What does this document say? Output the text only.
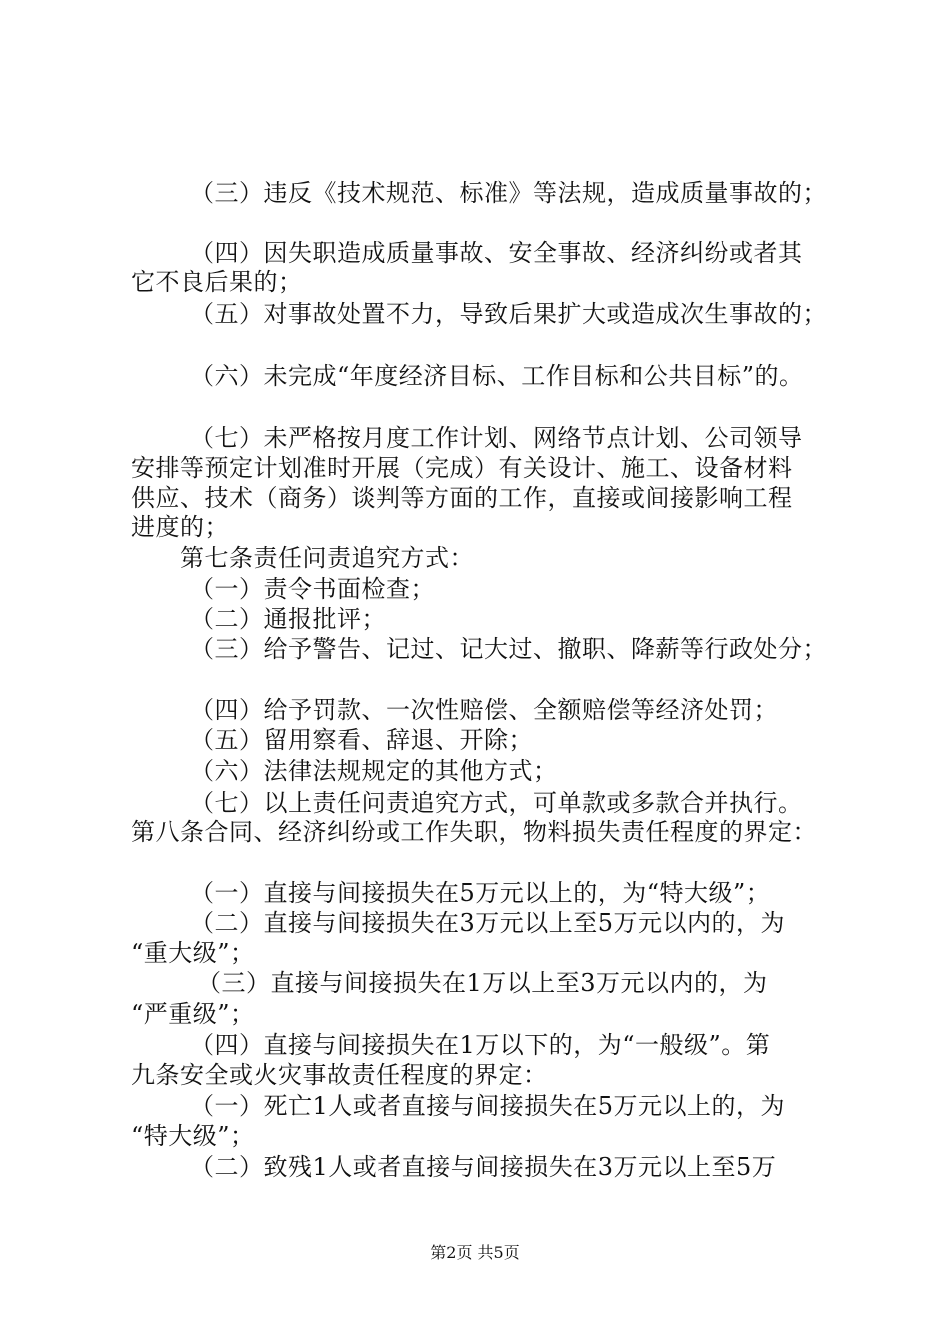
（三）违反《技术规范、标准》等法规，造成质量事故的；
（四）因失职造成质量事故、安全事故、经济纠纷或者其
它不良后果的；
（五）对事故处置不力，导致后果扩大或造成次生事故的；
（六）未完成“年度经济目标、工作目标和公共目标”的。
（七）未严格按月度工作计划、网络节点计划、公司领导
安排等预定计划准时开展（完成）有关设计、施工、设备材料
供应、技术（商务）谈判等方面的工作，直接或间接影响工程
进度的；
第七条责任问责追究方式：
（一）责令书面检查；
（二）通报批评；
（三）给予警告、记过、记大过、撤职、降薪等行政处分；
（四）给予罚款、一次性赔偿、全额赔偿等经济处罚；
（五）留用察看、辞退、开除；
（六）法律法规规定的其他方式；
（七）以上责任问责追究方式，可单款或多款合并执行。
第八条合同、经济纠纷或工作失职，物料损失责任程度的界定：
（一）直接与间接损失在5万元以上的，为“特大级”；
（二）直接与间接损失在3万元以上至5万元以内的，为
“重大级”；
（三）直接与间接损失在1万以上至3万元以内的，为
“严重级”；
（四）直接与间接损失在1万以下的，为“一般级”。第
九条安全或火灾事故责任程度的界定：
（一）死亡1人或者直接与间接损失在5万元以上的，为
“特大级”；
（二）致残1人或者直接与间接损失在3万元以上至5万
第2页 共5页
